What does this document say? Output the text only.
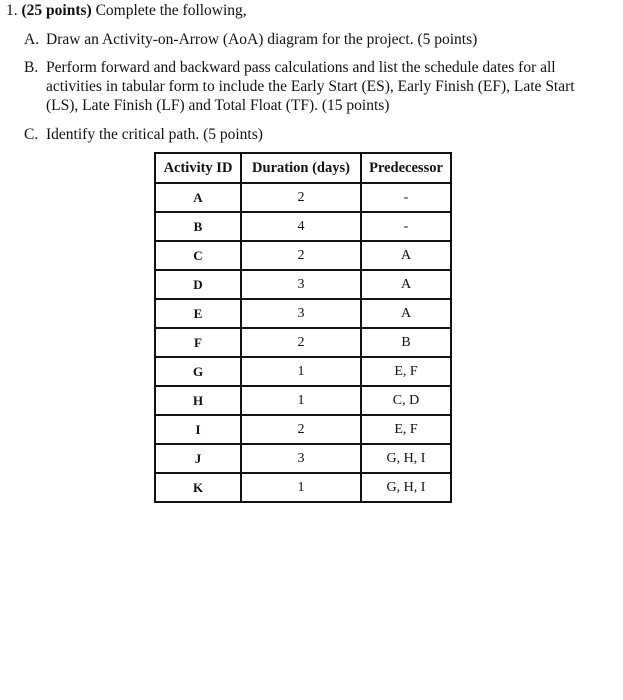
1. (25 points) Complete the following,
A. Draw an Activity-on-Arrow (AoA) diagram for the project. (5 points)
B. Perform forward and backward pass calculations and list the schedule dates for all activities in tabular form to include the Early Start (ES), Early Finish (EF), Late Start (LS), Late Finish (LF) and Total Float (TF). (15 points)
C. Identify the critical path. (5 points)
Activity ID	Duration (days)	Predecessor
A	2	-
B	4	-
C	2	A
D	3	A
E	3	A
F	2	B
G	1	E, F
H	1	C, D
I	2	E, F
J	3	G, H, I
K	1	G, H, I
